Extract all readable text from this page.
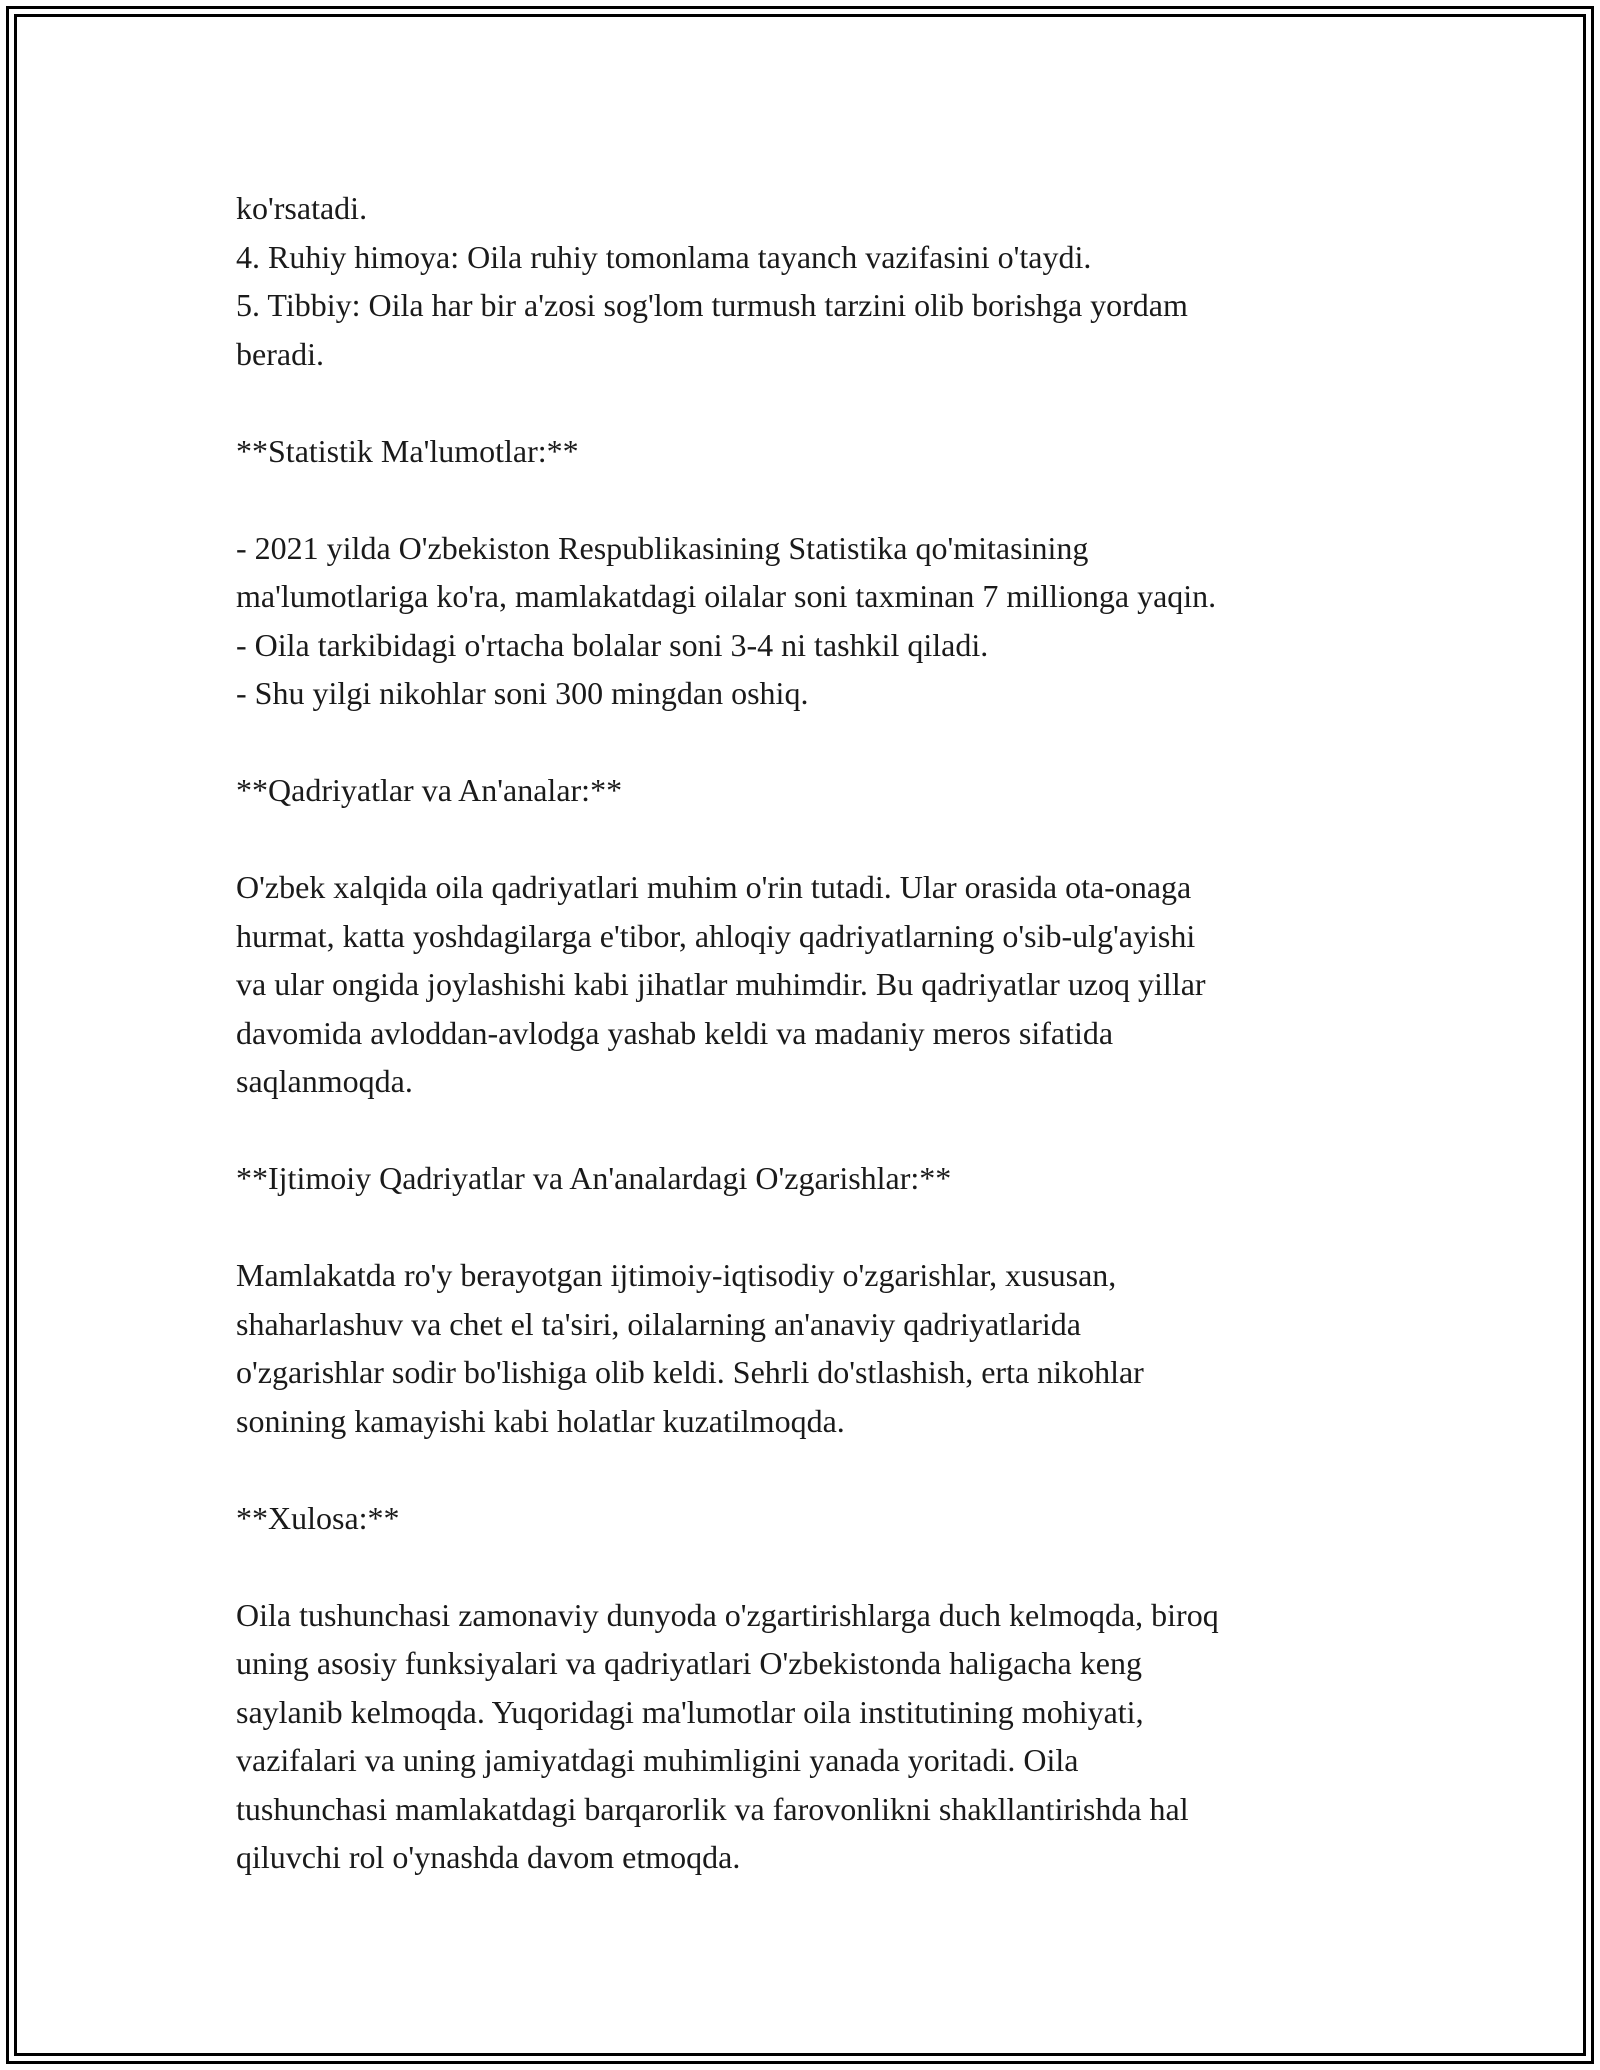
ko'rsatadi.
4. Ruhiy himoya: Oila ruhiy tomonlama tayanch vazifasini o'taydi.
5. Tibbiy: Oila har bir a'zosi sog'lom turmush tarzini olib borishga yordam
beradi.
**Statistik Ma'lumotlar:**
- 2021 yilda O'zbekiston Respublikasining Statistika qo'mitasining
ma'lumotlariga ko'ra, mamlakatdagi oilalar soni taxminan 7 millionga yaqin.
- Oila tarkibidagi o'rtacha bolalar soni 3-4 ni tashkil qiladi.
- Shu yilgi nikohlar soni 300 mingdan oshiq.
**Qadriyatlar va An'analar:**
O'zbek xalqida oila qadriyatlari muhim o'rin tutadi. Ular orasida ota-onaga
hurmat, katta yoshdagilarga e'tibor, ahloqiy qadriyatlarning o'sib-ulg'ayishi
va ular ongida joylashishi kabi jihatlar muhimdir. Bu qadriyatlar uzoq yillar
davomida avloddan-avlodga yashab keldi va madaniy meros sifatida
saqlanmoqda.
**Ijtimoiy Qadriyatlar va An'analardagi O'zgarishlar:**
Mamlakatda ro'y berayotgan ijtimoiy-iqtisodiy o'zgarishlar, xususan,
shaharlashuv va chet el ta'siri, oilalarning an'anaviy qadriyatlarida
o'zgarishlar sodir bo'lishiga olib keldi. Sehrli do'stlashish, erta nikohlar
sonining kamayishi kabi holatlar kuzatilmoqda.
**Xulosa:**
Oila tushunchasi zamonaviy dunyoda o'zgartirishlarga duch kelmoqda, biroq
uning asosiy funksiyalari va qadriyatlari O'zbekistonda haligacha keng
saylanib kelmoqda. Yuqoridagi ma'lumotlar oila institutining mohiyati,
vazifalari va uning jamiyatdagi muhimligini yanada yoritadi. Oila
tushunchasi mamlakatdagi barqarorlik va farovonlikni shakllantirishda hal
qiluvchi rol o'ynashda davom etmoqda.
